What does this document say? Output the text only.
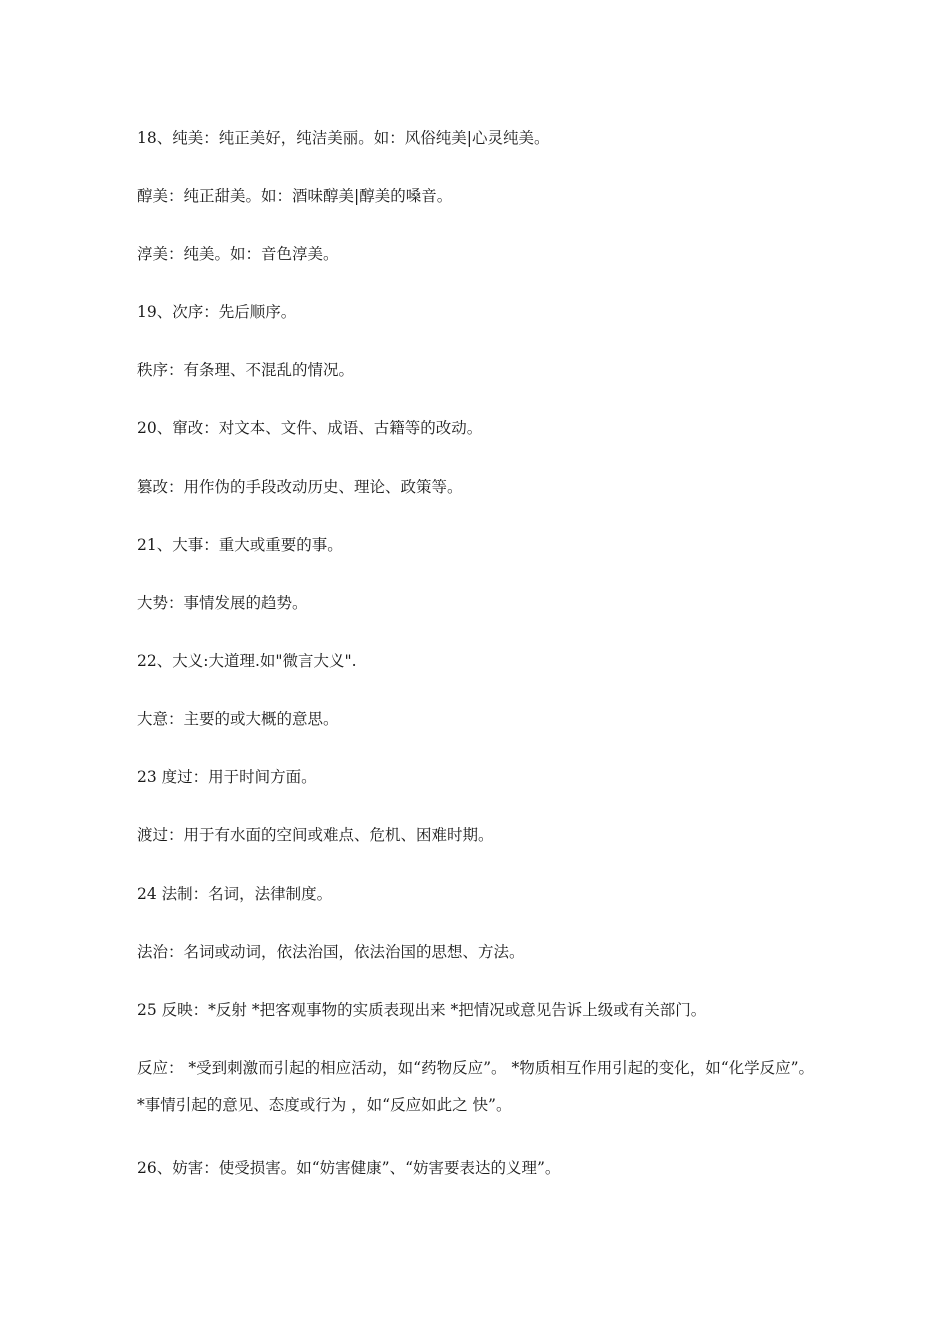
18、纯美：纯正美好，纯洁美丽。如：风俗纯美|心灵纯美。
醇美：纯正甜美。如：酒味醇美|醇美的嗓音。
淳美：纯美。如：音色淳美。
19、次序：先后顺序。
秩序：有条理、不混乱的情况。
20、窜改：对文本、文件、成语、古籍等的改动。
篡改：用作伪的手段改动历史、理论、政策等。
21、大事：重大或重要的事。
大势：事情发展的趋势。
22、大义:大道理.如"微言大义".
大意：主要的或大概的意思。
23 度过：用于时间方面。
渡过：用于有水面的空间或难点、危机、困难时期。
24 法制：名词，法律制度。
法治：名词或动词，依法治国，依法治国的思想、方法。
25 反映：*反射 *把客观事物的实质表现出来 *把情况或意见告诉上级或有关部门。
反应： *受到刺激而引起的相应活动，如“药物反应”。 *物质相互作用引起的变化，如“化学反应”。 *事情引起的意见、态度或行为 ，如“反应如此之 快”。
26、妨害：使受损害。如“妨害健康”、“妨害要表达的义理”。
